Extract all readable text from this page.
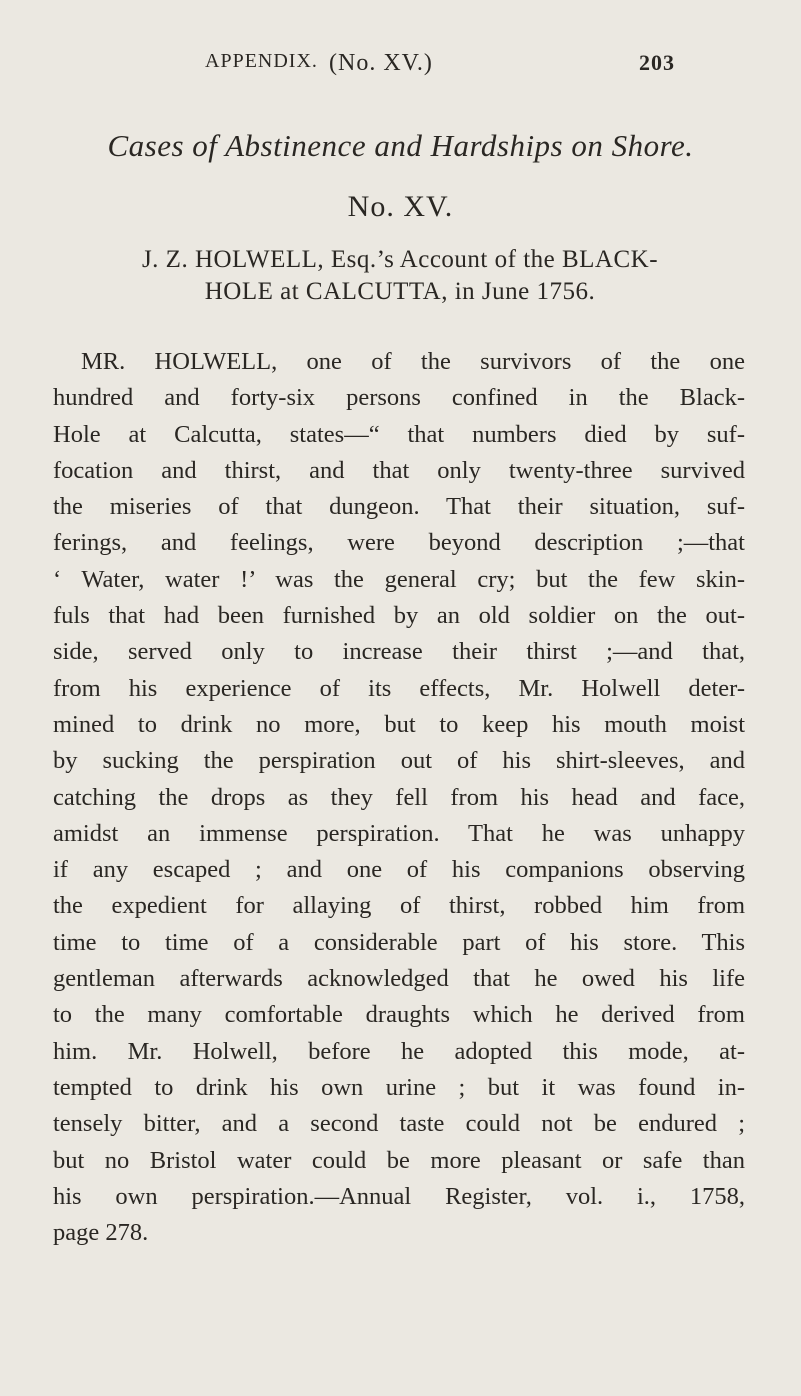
APPENDIX. (No. XV.)	203
Cases of Abstinence and Hardships on Shore.
No. XV.
J. Z. HOLWELL, Esq.’s Account of the BLACK-
HOLE at CALCUTTA, in June 1756.
MR. HOLWELL, one of the survivors of the one
hundred and forty-six persons confined in the Black-
Hole at Calcutta, states—“ that numbers died by suf-
focation and thirst, and that only twenty-three survived
the miseries of that dungeon. That their situation, suf-
ferings, and feelings, were beyond description ;—that
‘ Water, water !’ was the general cry; but the few skin-
fuls that had been furnished by an old soldier on the out-
side, served only to increase their thirst ;—and that,
from his experience of its effects, Mr. Holwell deter-
mined to drink no more, but to keep his mouth moist
by sucking the perspiration out of his shirt-sleeves, and
catching the drops as they fell from his head and face,
amidst an immense perspiration. That he was unhappy
if any escaped ; and one of his companions observing
the expedient for allaying of thirst, robbed him from
time to time of a considerable part of his store. This
gentleman afterwards acknowledged that he owed his life
to the many comfortable draughts which he derived from
him. Mr. Holwell, before he adopted this mode, at-
tempted to drink his own urine ; but it was found in-
tensely bitter, and a second taste could not be endured ;
but no Bristol water could be more pleasant or safe than
his own perspiration.—Annual Register, vol. i., 1758,
page 278.
